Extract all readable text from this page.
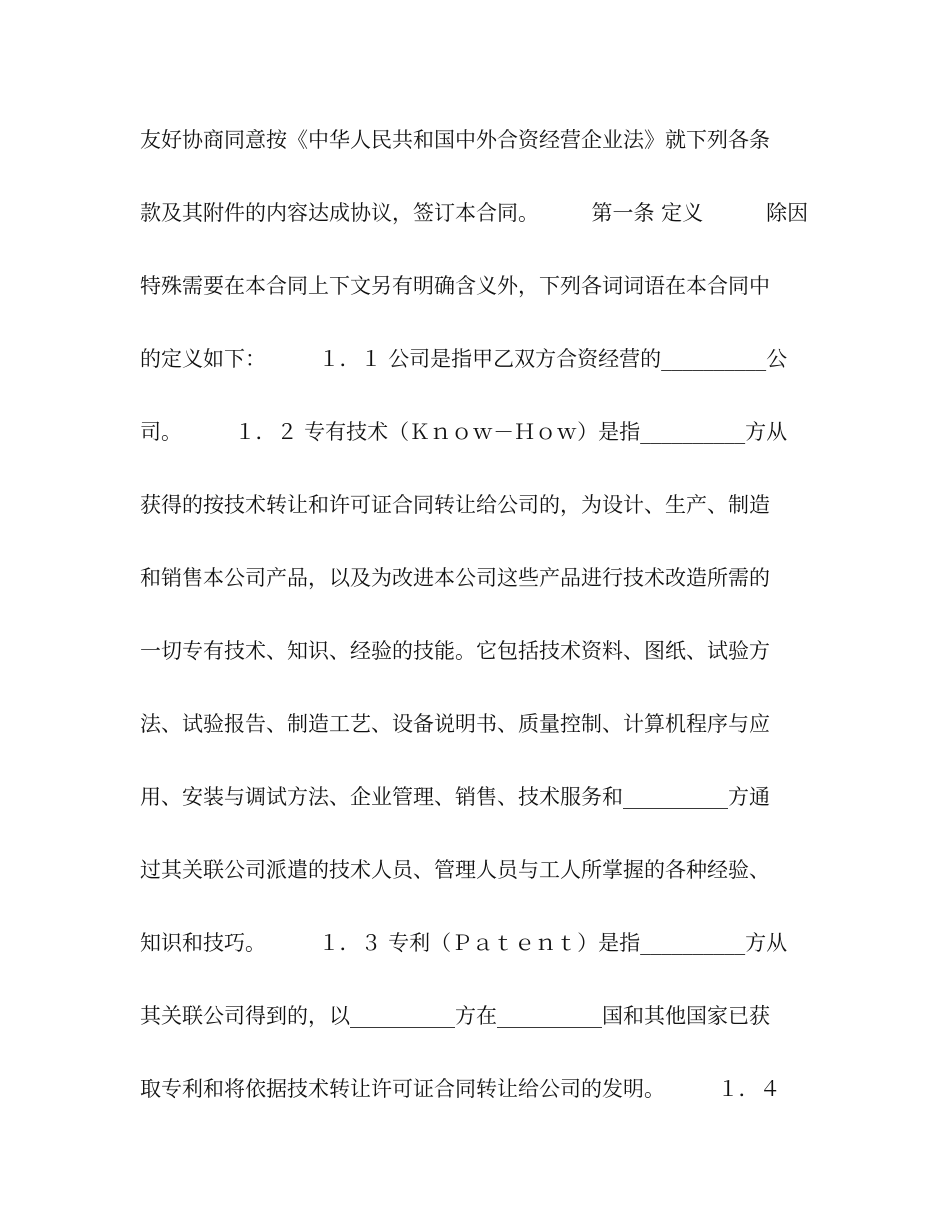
友好协商同意按《中华人民共和国中外合资经营企业法》就下列各条
款及其附件的内容达成协议，签订本合同。　　　第一条 定义　　　除因
特殊需要在本合同上下文另有明确含义外，下列各词词语在本合同中
的定义如下：　　　１．１ 公司是指甲乙双方合资经营的__________公
司。　　　１．２ 专有技术（Ｋｎｏｗ－Ｈｏｗ）是指__________方从
获得的按技术转让和许可证合同转让给公司的，为设计、生产、制造
和销售本公司产品，以及为改进本公司这些产品进行技术改造所需的
一切专有技术、知识、经验的技能。它包括技术资料、图纸、试验方
法、试验报告、制造工艺、设备说明书、质量控制、计算机程序与应
用、安装与调试方法、企业管理、销售、技术服务和__________方通
过其关联公司派遣的技术人员、管理人员与工人所掌握的各种经验、
知识和技巧。　　　１．３ 专利（Ｐａｔｅｎｔ）是指__________方从
其关联公司得到的，以__________方在__________国和其他国家已获
取专利和将依据技术转让许可证合同转让给公司的发明。　　　１．４
